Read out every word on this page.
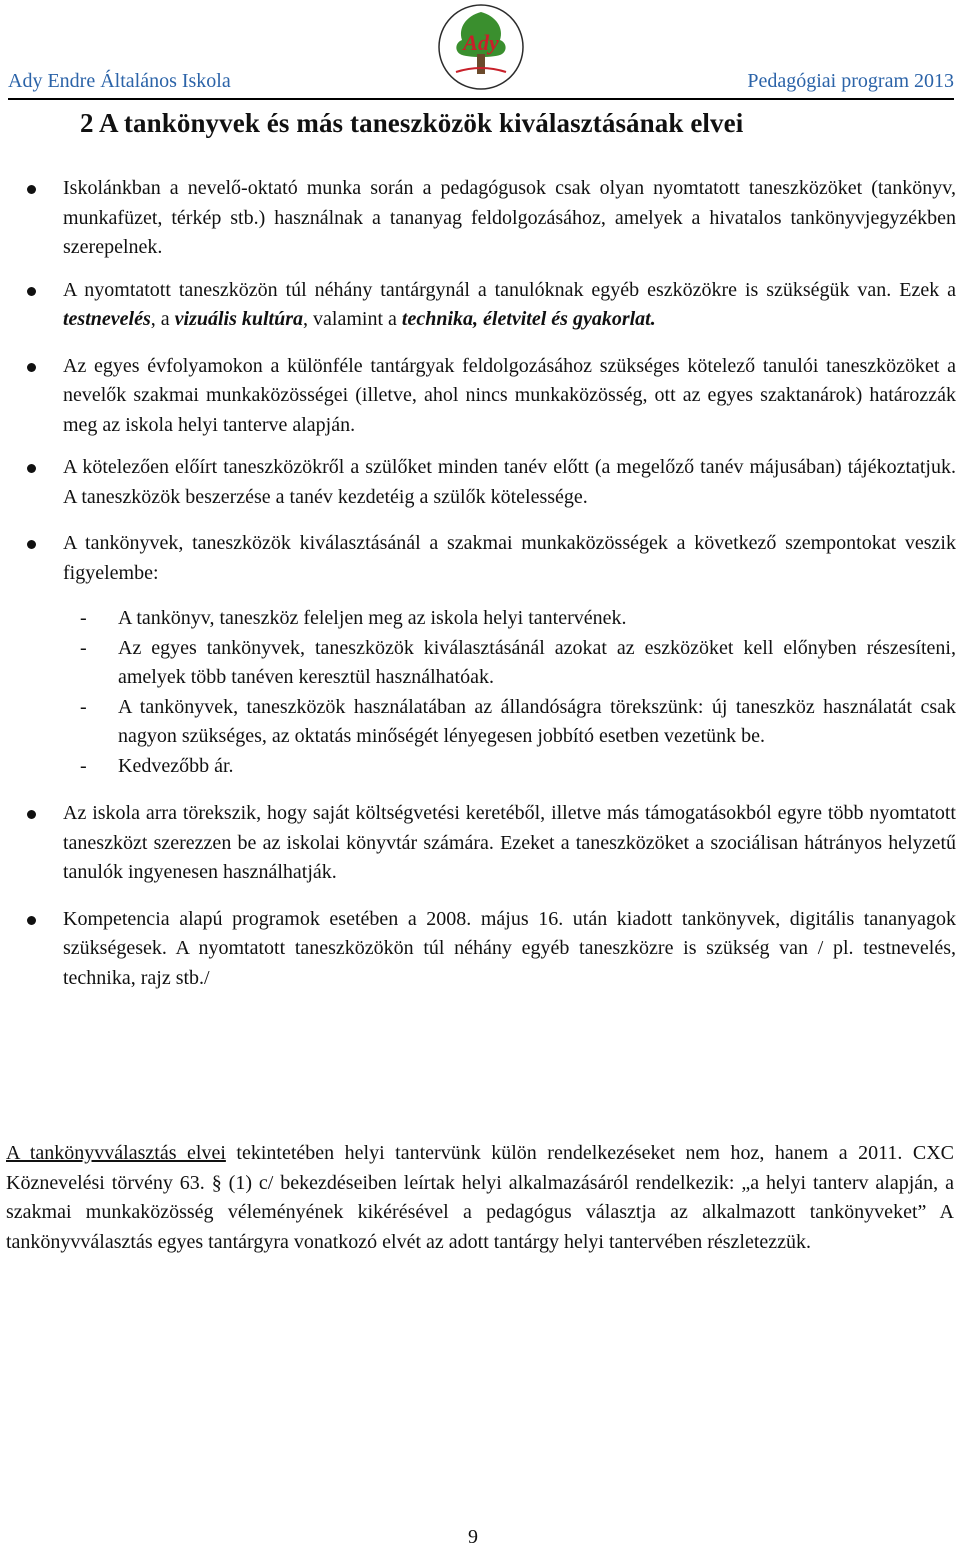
Ady
Ady Endre Általános Iskola	Pedagógiai program 2013
2 A tankönyvek és más taneszközök kiválasztásának elvei
Iskolánkban a nevelő-oktató munka során a pedagógusok csak olyan nyomtatott taneszközöket (tankönyv, munkafüzet, térkép stb.) használnak a tananyag feldolgozásához, amelyek a hivatalos tankönyvjegyzékben szerepelnek.
A nyomtatott taneszközön túl néhány tantárgynál a tanulóknak egyéb eszközökre is szükségük van. Ezek a testnevelés, a vizuális kultúra, valamint a technika, életvitel és gyakorlat.
Az egyes évfolyamokon a különféle tantárgyak feldolgozásához szükséges kötelező tanulói taneszközöket a nevelők szakmai munkaközösségei (illetve, ahol nincs munkaközösség, ott az egyes szaktanárok) határozzák meg az iskola helyi tanterve alapján.
A kötelezően előírt taneszközökről a szülőket minden tanév előtt (a megelőző tanév májusában) tájékoztatjuk. A taneszközök beszerzése a tanév kezdetéig a szülők kötelessége.
A tankönyvek, taneszközök kiválasztásánál a szakmai munkaközösségek a következő szempontokat veszik figyelembe:
- A tankönyv, taneszköz feleljen meg az iskola helyi tantervének.
- Az egyes tankönyvek, taneszközök kiválasztásánál azokat az eszközöket kell előnyben részesíteni, amelyek több tanéven keresztül használhatóak.
- A tankönyvek, taneszközök használatában az állandóságra törekszünk: új taneszköz használatát csak nagyon szükséges, az oktatás minőségét lényegesen jobbító esetben vezetünk be.
- Kedvezőbb ár.
Az iskola arra törekszik, hogy saját költségvetési keretéből, illetve más támogatásokból egyre több nyomtatott taneszközt szerezzen be az iskolai könyvtár számára. Ezeket a taneszközöket a szociálisan hátrányos helyzetű tanulók ingyenesen használhatják.
Kompetencia alapú programok esetében a 2008. május 16. után kiadott tankönyvek, digitális tananyagok szükségesek. A nyomtatott taneszközökön túl néhány egyéb taneszközre is szükség van / pl. testnevelés, technika, rajz stb./
A tankönyvválasztás elvei tekintetében helyi tantervünk külön rendelkezéseket nem hoz, hanem a 2011. CXC Köznevelési törvény 63. § (1) c/ bekezdéseiben leírtak helyi alkalmazásáról rendelkezik: „a helyi tanterv alapján, a szakmai munkaközösség véleményének kikérésével a pedagógus választja az alkalmazott tankönyveket” A tankönyvválasztás egyes tantárgyra vonatkozó elvét az adott tantárgy helyi tantervében részletezzük.
9
